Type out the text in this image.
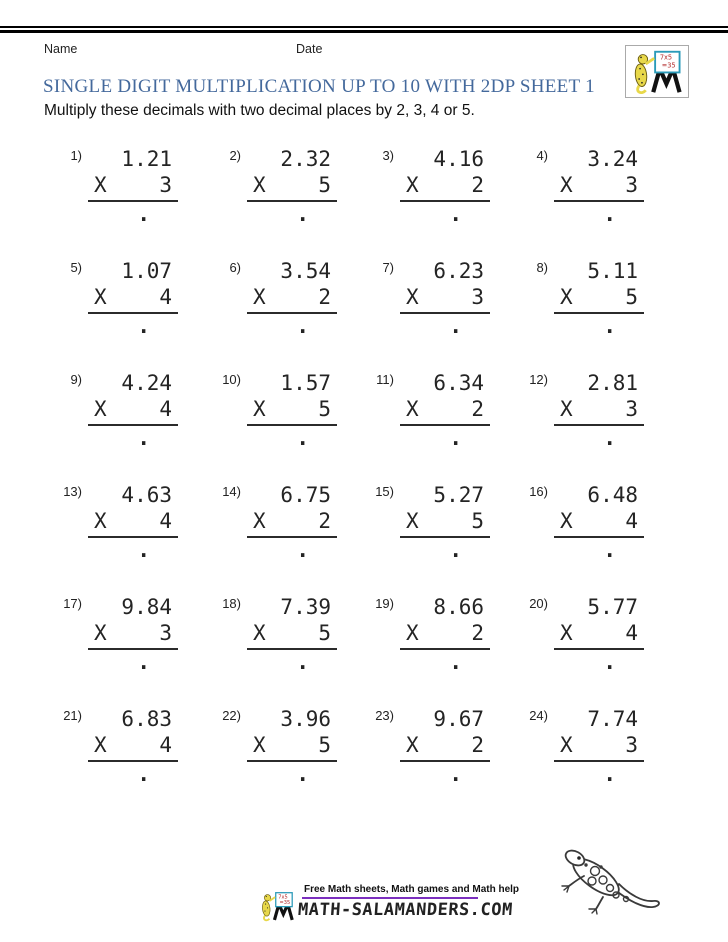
Name	Date
7x5
=35
SINGLE DIGIT MULTIPLICATION UP TO 10 WITH 2DP SHEET 1
Multiply these decimals with two decimal places by 2, 3, 4 or 5.
1)	1.21
X	3
.
2)	2.32
X	5
.
3)	4.16
X	2
.
4)	3.24
X	3
.
5)	1.07
X	4
.
6)	3.54
X	2
.
7)	6.23
X	3
.
8)	5.11
X	5
.
9)	4.24
X	4
.
10)	1.57
X	5
.
11)	6.34
X	2
.
12)	2.81
X	3
.
13)	4.63
X	4
.
14)	6.75
X	2
.
15)	5.27
X	5
.
16)	6.48
X	4
.
17)	9.84
X	3
.
18)	7.39
X	5
.
19)	8.66
X	2
.
20)	5.77
X	4
.
21)	6.83
X	4
.
22)	3.96
X	5
.
23)	9.67
X	2
.
24)	7.74
X	3
.
7x5
=35
Free Math sheets, Math games and Math help
MATH-SALAMANDERS.COM
